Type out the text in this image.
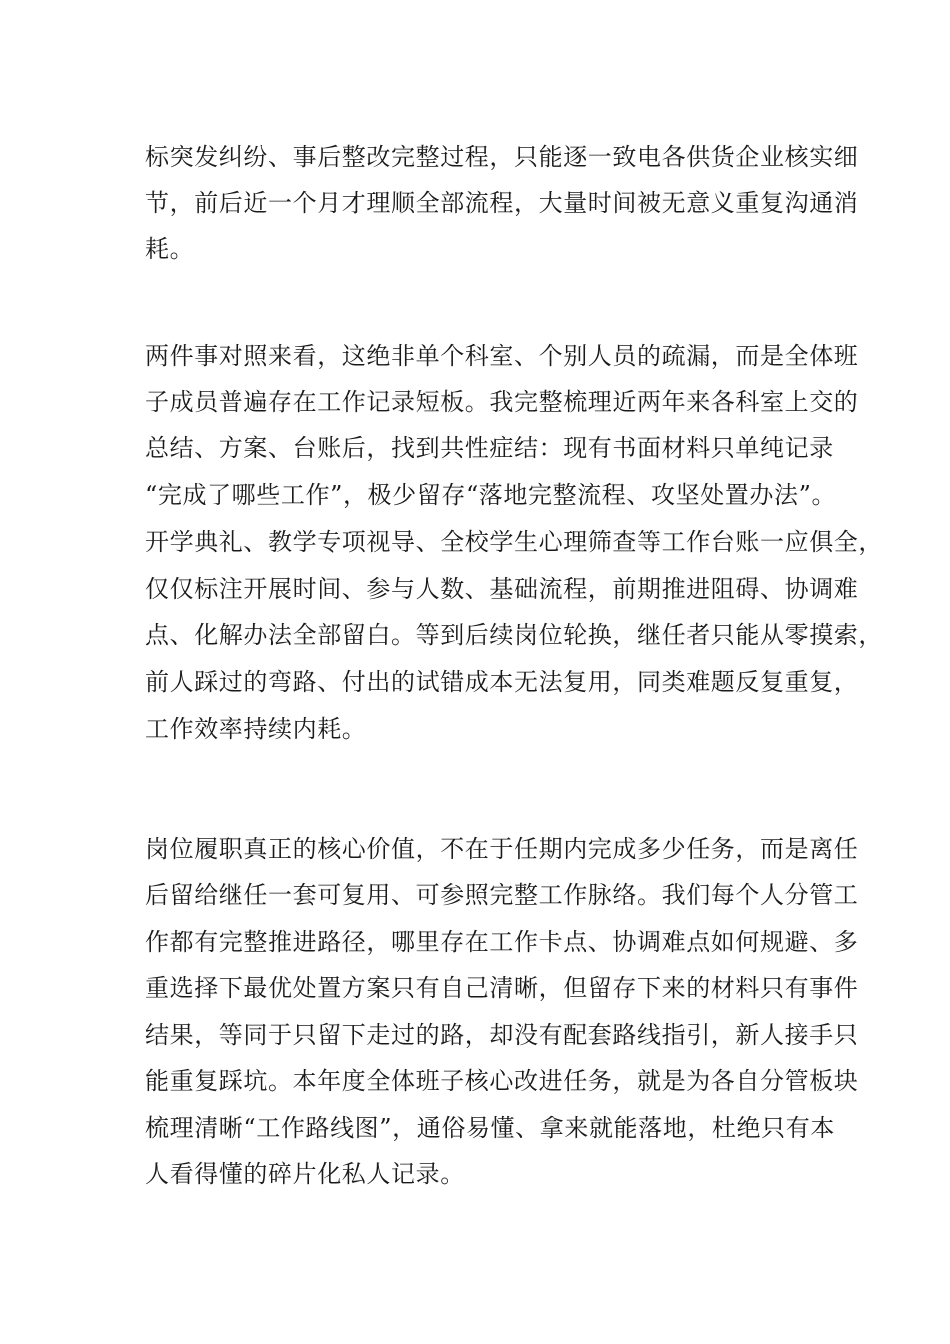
标突发纠纷、事后整改完整过程，只能逐一致电各供货企业核实细
节，前后近一个月才理顺全部流程，大量时间被无意义重复沟通消
耗。
两件事对照来看，这绝非单个科室、个别人员的疏漏，而是全体班
子成员普遍存在工作记录短板。我完整梳理近两年来各科室上交的
总结、方案、台账后，找到共性症结：现有书面材料只单纯记录
“完成了哪些工作”，极少留存“落地完整流程、攻坚处置办法”。
开学典礼、教学专项视导、全校学生心理筛查等工作台账一应俱全，
仅仅标注开展时间、参与人数、基础流程，前期推进阻碍、协调难
点、化解办法全部留白。等到后续岗位轮换，继任者只能从零摸索，
前人踩过的弯路、付出的试错成本无法复用，同类难题反复重复，
工作效率持续内耗。
岗位履职真正的核心价值，不在于任期内完成多少任务，而是离任
后留给继任一套可复用、可参照完整工作脉络。我们每个人分管工
作都有完整推进路径，哪里存在工作卡点、协调难点如何规避、多
重选择下最优处置方案只有自己清晰，但留存下来的材料只有事件
结果，等同于只留下走过的路，却没有配套路线指引，新人接手只
能重复踩坑。本年度全体班子核心改进任务，就是为各自分管板块
梳理清晰“工作路线图”，通俗易懂、拿来就能落地，杜绝只有本
人看得懂的碎片化私人记录。
